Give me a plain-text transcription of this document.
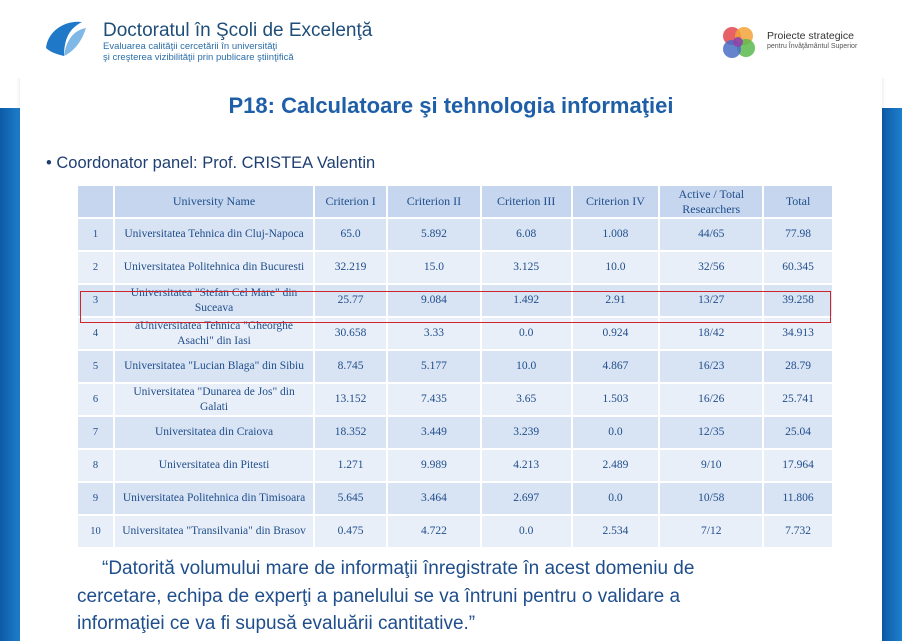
Doctoratul în Şcoli de Excelenţă
Evaluarea calităţii cercetării în universităţi
şi creşterea vizibilităţii prin publicare ştiinţifică
Proiecte strategice
pentru Învăţământul Superior
P18: Calculatoare şi tehnologia informaţiei
• Coordonator panel: Prof. CRISTEA Valentin
	University Name	Criterion I	Criterion II	Criterion III	Criterion IV	Active / Total Researchers	Total
1	Universitatea Tehnica din Cluj-Napoca	65.0	5.892	6.08	1.008	44/65	77.98
2	Universitatea Politehnica din Bucuresti	32.219	15.0	3.125	10.0	32/56	60.345
3	Universitatea "Stefan Cel Mare" din Suceava	25.77	9.084	1.492	2.91	13/27	39.258
4	aUniversitatea Tehnica "Gheorghe Asachi" din Iasi	30.658	3.33	0.0	0.924	18/42	34.913
5	Universitatea "Lucian Blaga" din Sibiu	8.745	5.177	10.0	4.867	16/23	28.79
6	Universitatea "Dunarea de Jos" din Galati	13.152	7.435	3.65	1.503	16/26	25.741
7	Universitatea din Craiova	18.352	3.449	3.239	0.0	12/35	25.04
8	Universitatea din Pitesti	1.271	9.989	4.213	2.489	9/10	17.964
9	Universitatea Politehnica din Timisoara	5.645	3.464	2.697	0.0	10/58	11.806
10	Universitatea "Transilvania" din Brasov	0.475	4.722	0.0	2.534	7/12	7.732
“Datorită volumului mare de informaţii înregistrate în acest domeniu de
cercetare, echipa de experţi a panelului se va întruni pentru o validare a
informaţiei ce va fi supusă evaluării cantitative.”
